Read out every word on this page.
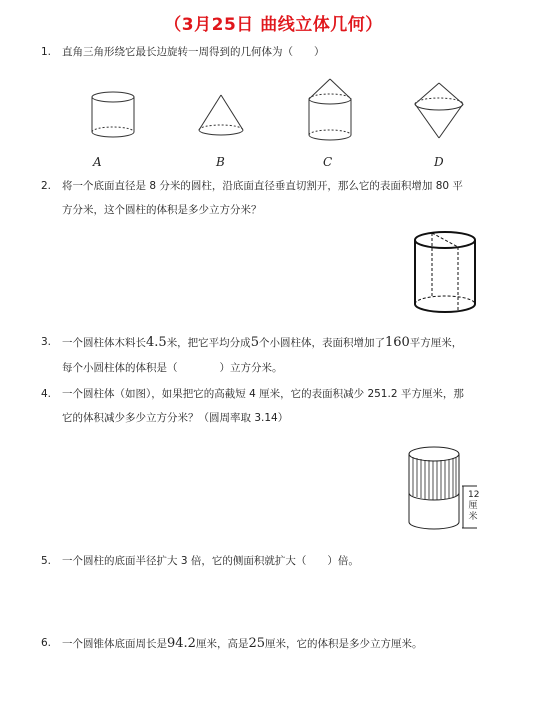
（3月25日 曲线立体几何）
1. 直角三角形绕它最长边旋转一周得到的几何体为（　　）
A	B	C	D
2. 将一个底面直径是 8 分米的圆柱，沿底面直径垂直切割开，那么它的表面积增加 80 平
方分米，这个圆柱的体积是多少立方分米？
3. 一个圆柱体木料长4.5米，把它平均分成5个小圆柱体，表面积增加了160平方厘米，
每个小圆柱体的体积是（　　　　）立方分米。
4. 一个圆柱体（如图），如果把它的高截短 4 厘米，它的表面积减少 251.2 平方厘米，那
它的体积减少多少立方分米？（圆周率取 3.14）
12
厘
米
5. 一个圆柱的底面半径扩大 3 倍，它的侧面积就扩大（　　）倍。
6. 一个圆锥体底面周长是94.2厘米，高是25厘米，它的体积是多少立方厘米。
